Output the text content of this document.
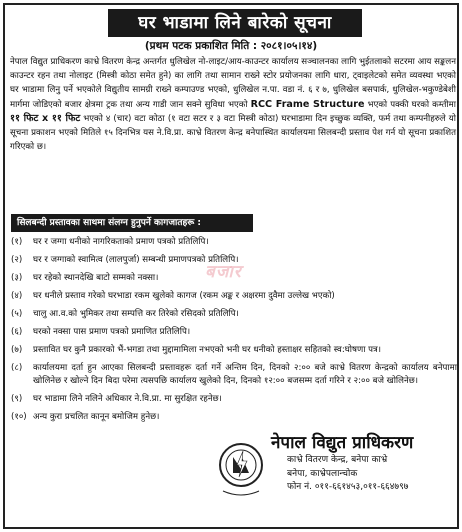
घर भाडामा लिने बारेको सूचना
(प्रथम पटक प्रकाशित मिति : २०८१।०५।१४)
नेपाल विद्युत प्राधिकरण काभ्रे वितरण केन्द्र अन्तर्गत धुलिखेल नो-लाइट/आय-काउन्टर कार्यालय सञ्चालनका लागि भुईतलाको सटरमा आय सङ्कलन काउन्टर रहन तथा नोलाइट (मिस्त्री कोठा समेत हुने) का लागि तथा सामान राख्ने स्टोर प्रयोजनका लागि धारा, ट्वाइलेटको समेत व्यवस्था भएको घर भाडामा लिनु पर्ने भएकोले विद्युतीय सामग्री राख्ने कम्पाउण्ड भएको, धुलिखेल न.पा. वडा नं. ६ र ७, धुलिखेल बसपार्क, धुलिखेल-भकुण्डेबेशी मार्गमा जोडिएको बजार क्षेत्रमा ट्रक तथा अन्य गाडी जान सक्ने सुविधा भएको RCC Frame Structure भएको पक्की घरको कम्तीमा ११ फिट x ११ फिट भएको ४ (चार) वटा कोठा (१ वटा सटर र ३ वटा मिस्त्री कोठा) घरभाडामा दिन इच्छुक व्यक्ति, फर्म तथा कम्पनीहरुले यो सूचना प्रकाशन भएको मितिले १५ दिनभित्र यस ने.वि.प्रा. काभ्रे वितरण केन्द्र बनेपास्थित कार्यालयमा सिलबन्दी प्रस्ताव पेश गर्न यो सूचना प्रकाशित गरिएको छ।
सिलबन्दी प्रस्तावका साथमा संलग्न हुनुपर्ने कागजातहरू :
(१)	घर र जग्गा धनीको नागरिकताको प्रमाण पत्रको प्रतिलिपि।
(२)	घर र जग्गाको स्वामित्व (लालपुर्जा) सम्बन्धी प्रमाणपत्रको प्रतिलिपि।
(३)	घर रहेको स्थानदेखि बाटो सम्मको नक्सा।
(४)	घर धनीले प्रस्ताव गरेको घरभाडा रकम खुलेको कागज (रकम अङ्क र अक्षरमा दुवैमा उल्लेख भएको)
(५)	चालु आ.व.को भुमिकर तथा सम्पत्ति कर तिरेको रसिदको प्रतिलिपि।
(६)	घरको नक्सा पास प्रमाण पत्रको प्रमाणित प्रतिलिपि।
(७)	प्रस्तावित घर कुनै प्रकारको भैं-भगडा तथा मुद्दामामिला नभएको भनी घर धनीको हस्ताक्षर सहितको स्व:घोषणा पत्र।
(८)	कार्यालयमा दर्ता हुन आएका सिलबन्दी प्रस्तावहरू दर्ता गर्ने अन्तिम दिन, दिनको २:०० बजे काभ्रे वितरण केन्द्रको कार्यालय बनेपामा खोलिनेछ र खोल्ने दिन बिदा परेमा त्यसपछि कार्यालय खुलेको दिन, दिनको १२:०० बजसम्म दर्ता गरिने र २:०० बजे खोलिनेछ।
(९)	घर भाडामा लिने नलिने अधिकार ने.वि.प्रा. मा सुरक्षित रहनेछ।
(१०) अन्य कुरा प्रचलित कानून बमोजिम हुनेछ।
बजार
नेपाल विद्युत प्राधिकरण
काभ्रे वितरण केन्द्र, बनेपा काभ्रे
बनेपा, काभ्रेपलान्चोक
फोन नं. ०११-६६१४५३,०११-६६४७९७
